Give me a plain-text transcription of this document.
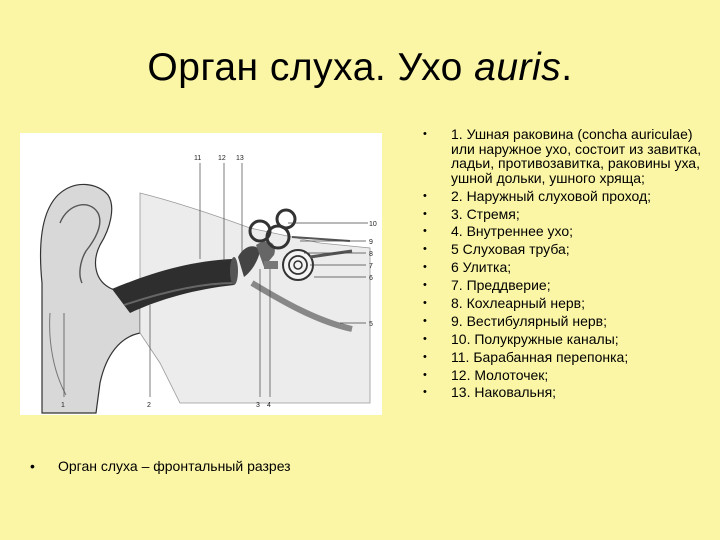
Орган слуха. Ухо auris.
11 12 13
10
9
8
7
6
5
1	2	3 4
• Орган слуха – фронтальный разрез
• 1. Ушная раковина (concha auriculae) или наружное ухо, состоит из завитка, ладьи, противозавитка, раковины уха, ушной дольки, ушного хряща;
• 2. Наружный слуховой проход;
• 3. Стремя;
• 4. Внутреннее ухо;
• 5 Слуховая труба;
• 6 Улитка;
• 7. Преддверие;
• 8. Кохлеарный нерв;
• 9. Вестибулярный нерв;
• 10. Полукружные каналы;
• 11. Барабанная перепонка;
• 12. Молоточек;
• 13. Наковальня;
